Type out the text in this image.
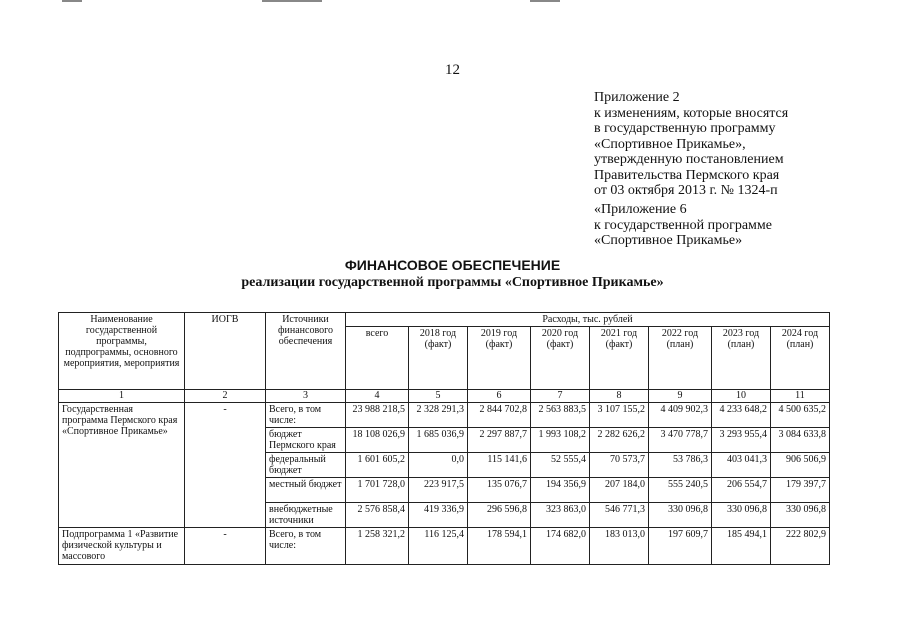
12
Приложение 2
к изменениям, которые вносятся
в государственную программу
«Спортивное Прикамье»,
утвержденную постановлением
Правительства Пермского края
от 03 октября 2013 г. № 1324-п
«Приложение 6
к государственной программе
«Спортивное Прикамье»
ФИНАНСОВОЕ ОБЕСПЕЧЕНИЕ
реализации государственной программы «Спортивное Прикамье»
Наименование государственной программы, подпрограммы, основного мероприятия, мероприятия	ИОГВ	Источники финансового обеспечения	Расходы, тыс. рублей							
			всего	2018 год (факт)	2019 год (факт)	2020 год (факт)	2021 год (факт)	2022 год (план)	2023 год (план)	2024 год (план)
1	2	3	4	5	6	7	8	9	10	11
Государственная программа Пермского края «Спортивное Прикамье»	-	Всего, в том числе:	23 988 218,5	2 328 291,3	2 844 702,8	2 563 883,5	3 107 155,2	4 409 902,3	4 233 648,2	4 500 635,2
		бюджет Пермского края	18 108 026,9	1 685 036,9	2 297 887,7	1 993 108,2	2 282 626,2	3 470 778,7	3 293 955,4	3 084 633,8
		федеральный бюджет	1 601 605,2	0,0	115 141,6	52 555,4	70 573,7	53 786,3	403 041,3	906 506,9
		местный бюджет	1 701 728,0	223 917,5	135 076,7	194 356,9	207 184,0	555 240,5	206 554,7	179 397,7
		внебюджетные источники	2 576 858,4	419 336,9	296 596,8	323 863,0	546 771,3	330 096,8	330 096,8	330 096,8
Подпрограмма 1 «Развитие физической культуры и массового	-	Всего, в том числе:	1 258 321,2	116 125,4	178 594,1	174 682,0	183 013,0	197 609,7	185 494,1	222 802,9
